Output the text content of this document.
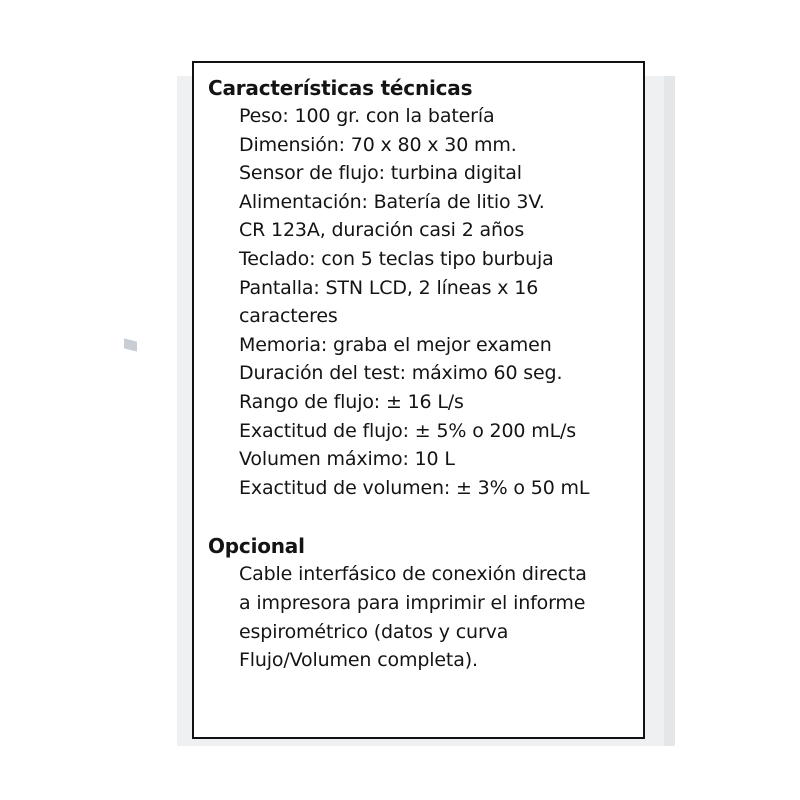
Características técnicas
Peso: 100 gr. con la batería
Dimensión: 70 x 80 x 30 mm.
Sensor de flujo: turbina digital
Alimentación: Batería de litio 3V.
CR 123A, duración casi 2 años
Teclado: con 5 teclas tipo burbuja
Pantalla: STN LCD, 2 líneas x 16
caracteres
Memoria: graba el mejor examen
Duración del test: máximo 60 seg.
Rango de flujo: ± 16 L/s
Exactitud de flujo: ± 5% o 200 mL/s
Volumen máximo: 10 L
Exactitud de volumen: ± 3% o 50 mL
Opcional
Cable interfásico de conexión directa
a impresora para imprimir el informe
espirométrico (datos y curva
Flujo/Volumen completa).
